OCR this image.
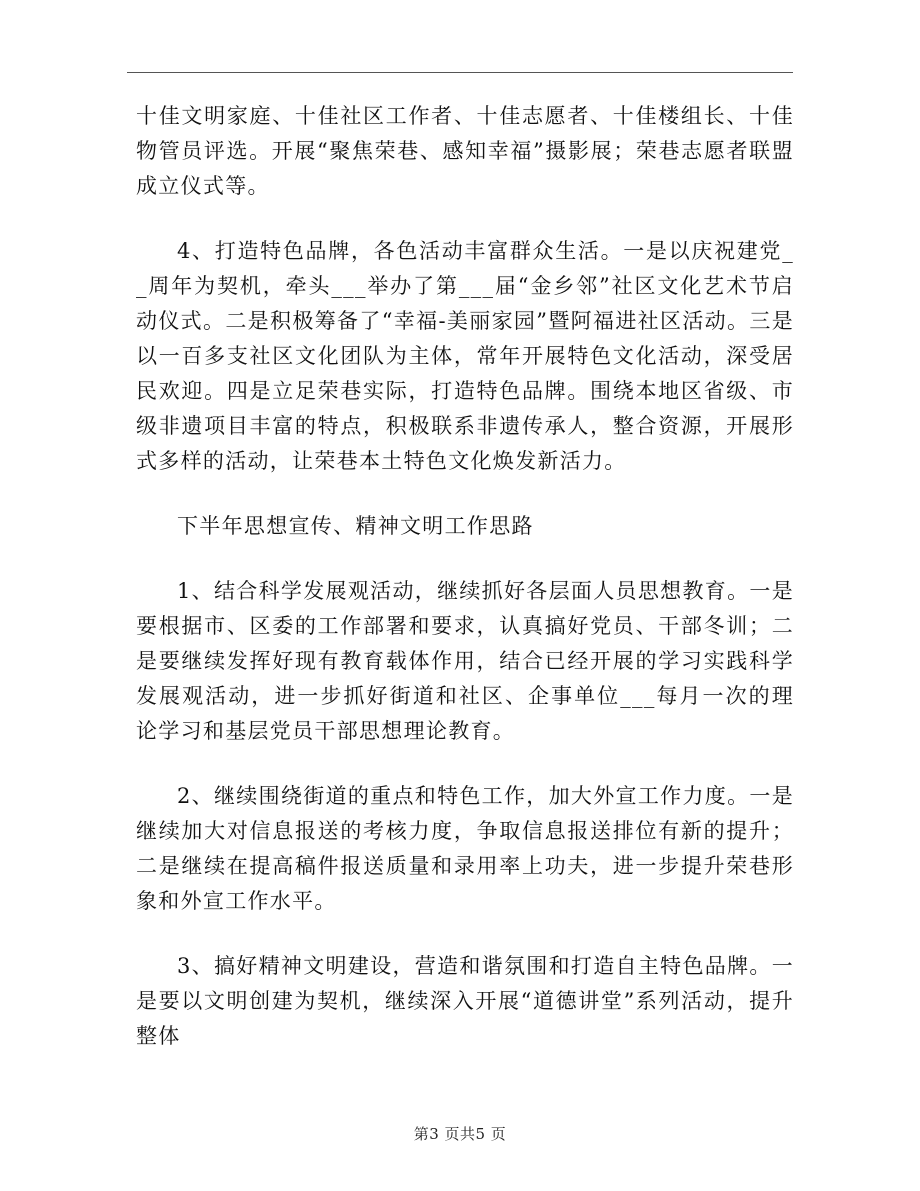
十佳文明家庭、十佳社区工作者、十佳志愿者、十佳楼组长、十佳物管员评选。开展“聚焦荣巷、感知幸福”摄影展；荣巷志愿者联盟成立仪式等。

4、打造特色品牌，各色活动丰富群众生活。一是以庆祝建党__周年为契机，牵头___举办了第___届“金乡邻”社区文化艺术节启动仪式。二是积极筹备了“幸福-美丽家园”暨阿福进社区活动。三是以一百多支社区文化团队为主体，常年开展特色文化活动，深受居民欢迎。四是立足荣巷实际，打造特色品牌。围绕本地区省级、市级非遗项目丰富的特点，积极联系非遗传承人，整合资源，开展形式多样的活动，让荣巷本土特色文化焕发新活力。

下半年思想宣传、精神文明工作思路

1、结合科学发展观活动，继续抓好各层面人员思想教育。一是要根据市、区委的工作部署和要求，认真搞好党员、干部冬训；二是要继续发挥好现有教育载体作用，结合已经开展的学习实践科学发展观活动，进一步抓好街道和社区、企事单位___每月一次的理论学习和基层党员干部思想理论教育。

2、继续围绕街道的重点和特色工作，加大外宣工作力度。一是继续加大对信息报送的考核力度，争取信息报送排位有新的提升；二是继续在提高稿件报送质量和录用率上功夫，进一步提升荣巷形象和外宣工作水平。

3、搞好精神文明建设，营造和谐氛围和打造自主特色品牌。一是要以文明创建为契机，继续深入开展“道德讲堂”系列活动，提升整体

第3 页共5 页
